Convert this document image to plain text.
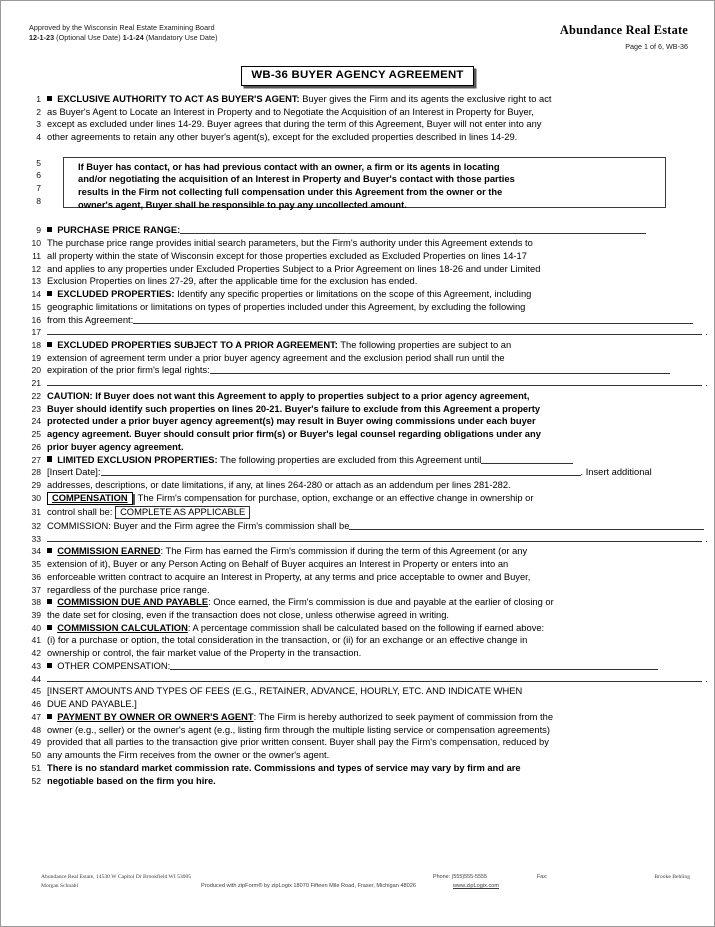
Approved by the Wisconsin Real Estate Examining Board
12-1-23 (Optional Use Date) 1-1-24 (Mandatory Use Date)
Abundance Real Estate
Page 1 of 6, WB-36
WB-36 BUYER AGENCY AGREEMENT
1	EXCLUSIVE AUTHORITY TO ACT AS BUYER'S AGENT: Buyer gives the Firm and its agents the exclusive right to act
2 as Buyer's Agent to Locate an Interest in Property and to Negotiate the Acquisition of an Interest in Property for Buyer,
3 except as excluded under lines 14-29. Buyer agrees that during the term of this Agreement, Buyer will not enter into any
4 other agreements to retain any other buyer's agent(s), except for the excluded properties described in lines 14-29.
5
6
7
8
If Buyer has contact, or has had previous contact with an owner, a firm or its agents in locating
and/or negotiating the acquisition of an Interest in Property and Buyer's contact with those parties
results in the Firm not collecting full compensation under this Agreement from the owner or the
owner's agent, Buyer shall be responsible to pay any uncollected amount.
9	PURCHASE PRICE RANGE:
10 The purchase price range provides initial search parameters, but the Firm's authority under this Agreement extends to
11 all property within the state of Wisconsin except for those properties excluded as Excluded Properties on lines 14-17
12 and applies to any properties under Excluded Properties Subject to a Prior Agreement on lines 18-26 and under Limited
13 Exclusion Properties on lines 27-29, after the applicable time for the exclusion has ended.
14	EXCLUDED PROPERTIES: Identify any specific properties or limitations on the scope of this Agreement, including
15 geographic limitations or limitations on types of properties included under this Agreement, by excluding the following
16 from this Agreement:
17	.
18	EXCLUDED PROPERTIES SUBJECT TO A PRIOR AGREEMENT: The following properties are subject to an
19 extension of agreement term under a prior buyer agency agreement and the exclusion period shall run until the
20 expiration of the prior firm's legal rights:
21	.
22 CAUTION: If Buyer does not want this Agreement to apply to properties subject to a prior agency agreement,
23 Buyer should identify such properties on lines 20-21. Buyer's failure to exclude from this Agreement a property
24 protected under a prior buyer agency agreement(s) may result in Buyer owing commissions under each buyer
25 agency agreement. Buyer should consult prior firm(s) or Buyer's legal counsel regarding obligations under any
26 prior buyer agency agreement.
27	LIMITED EXCLUSION PROPERTIES: The following properties are excluded from this Agreement until
28 [Insert Date]:	. Insert additional
29 addresses, descriptions, or date limitations, if any, at lines 264-280 or attach as an addendum per lines 281-282.
30	COMPENSATION The Firm's compensation for purchase, option, exchange or an effective change in ownership or
31 control shall be: COMPLETE AS APPLICABLE
32 COMMISSION: Buyer and the Firm agree the Firm's commission shall be
33	.
34	COMMISSION EARNED: The Firm has earned the Firm's commission if during the term of this Agreement (or any
35 extension of it), Buyer or any Person Acting on Behalf of Buyer acquires an Interest in Property or enters into an
36 enforceable written contract to acquire an Interest in Property, at any terms and price acceptable to owner and Buyer,
37 regardless of the purchase price range.
38	COMMISSION DUE AND PAYABLE: Once earned, the Firm's commission is due and payable at the earlier of closing or
39 the date set for closing, even if the transaction does not close, unless otherwise agreed in writing.
40	COMMISSION CALCULATION: A percentage commission shall be calculated based on the following if earned above:
41 (i) for a purchase or option, the total consideration in the transaction, or (ii) for an exchange or an effective change in
42 ownership or control, the fair market value of the Property in the transaction.
43	OTHER COMPENSATION:
44	.
45 [INSERT AMOUNTS AND TYPES OF FEES (E.G., RETAINER, ADVANCE, HOURLY, ETC. AND INDICATE WHEN
46 DUE AND PAYABLE.]
47	PAYMENT BY OWNER OR OWNER'S AGENT: The Firm is hereby authorized to seek payment of commission from the
48 owner (e.g., seller) or the owner's agent (e.g., listing firm through the multiple listing service or compensation agreements)
49 provided that all parties to the transaction give prior written consent. Buyer shall pay the Firm's compensation, reduced by
50 any amounts the Firm receives from the owner or the owner's agent.
51 There is no standard market commission rate. Commissions and types of service may vary by firm and are
52 negotiable based on the firm you hire.
Abundance Real Estate, 14530 W Capitol Dr Brookfield WI 53005	Phone: (555)555-5555	Fax:	Brooke Behling
Morgan Schnabl	Produced with zipForm® by zipLogix 18070 Fifteen Mile Road, Fraser, Michigan 48026	www.zipLogix.com
